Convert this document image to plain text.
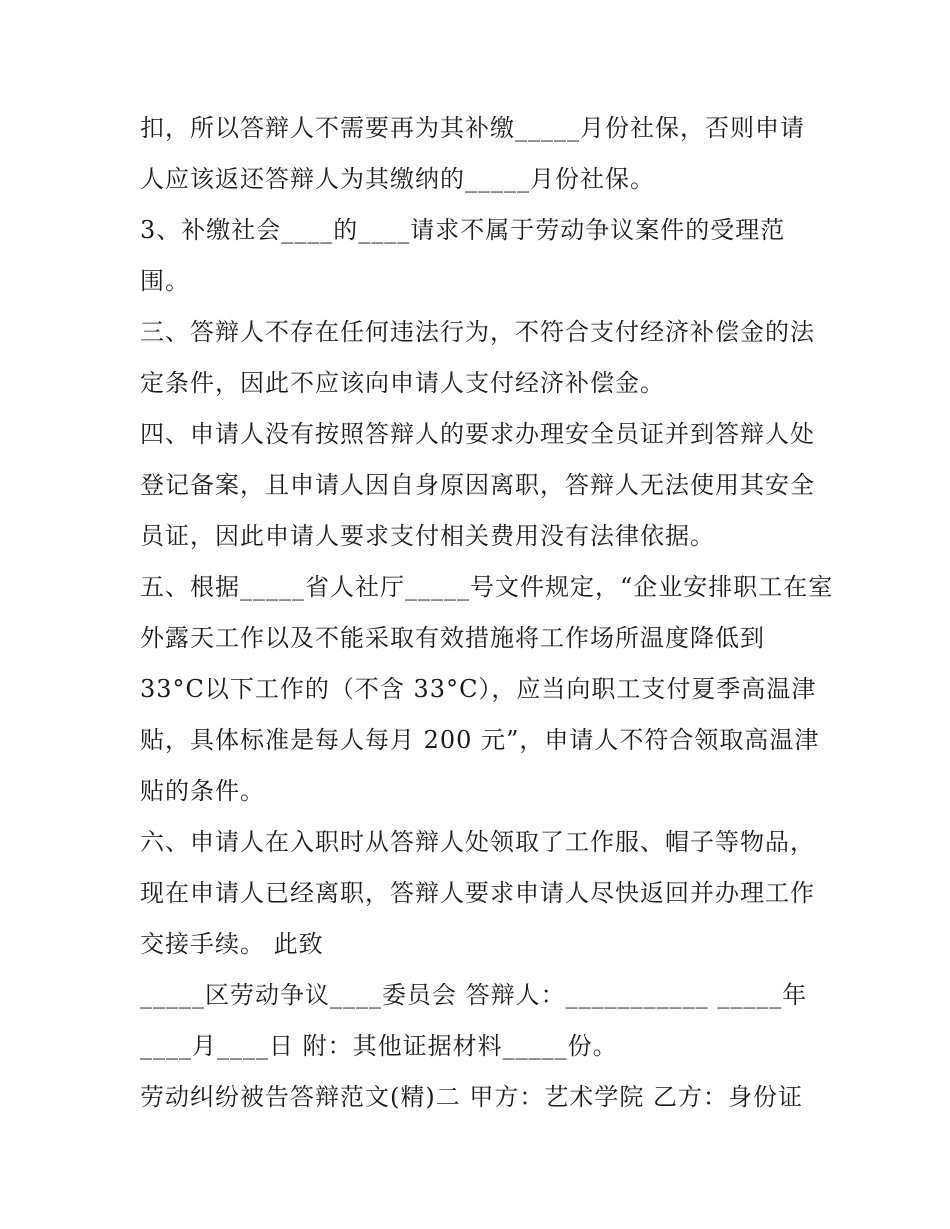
扣，所以答辩人不需要再为其补缴_____月份社保，否则申请
人应该返还答辩人为其缴纳的_____月份社保。
3、补缴社会____的____请求不属于劳动争议案件的受理范
围。
三、答辩人不存在任何违法行为，不符合支付经济补偿金的法
定条件，因此不应该向申请人支付经济补偿金。
四、申请人没有按照答辩人的要求办理安全员证并到答辩人处
登记备案，且申请人因自身原因离职，答辩人无法使用其安全
员证，因此申请人要求支付相关费用没有法律依据。
五、根据_____省人社厅_____号文件规定，“企业安排职工在室
外露天工作以及不能采取有效措施将工作场所温度降低到
33°C以下工作的（不含 33°C），应当向职工支付夏季高温津
贴，具体标准是每人每月 200 元”，申请人不符合领取高温津
贴的条件。
六、申请人在入职时从答辩人处领取了工作服、帽子等物品，
现在申请人已经离职，答辩人要求申请人尽快返回并办理工作
交接手续。 此致
_____区劳动争议____委员会 答辩人：___________ _____年
____月____日 附：其他证据材料_____份。
劳动纠纷被告答辩范文(精)二 甲方：艺术学院 乙方：身份证
